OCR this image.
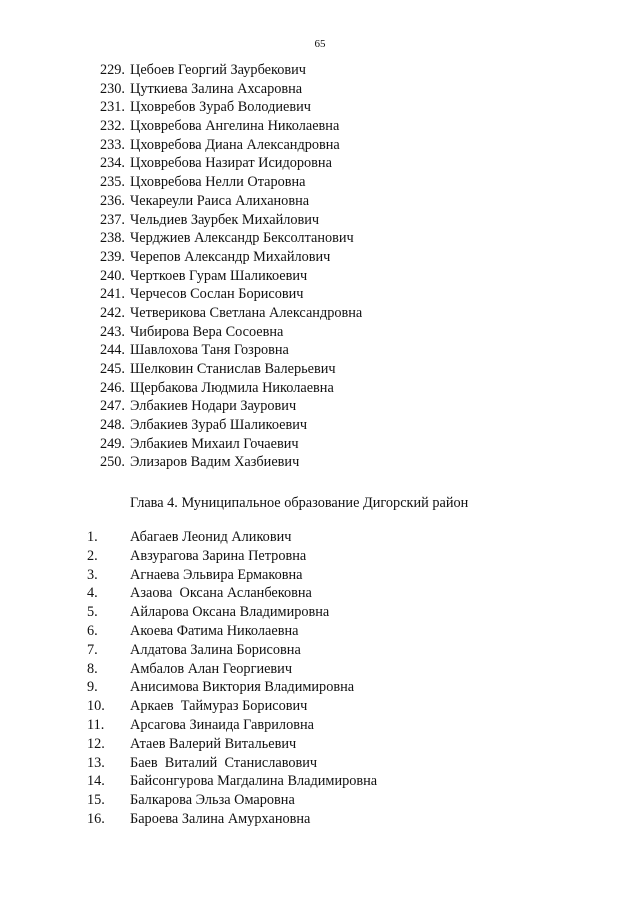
65
229. Цебоев Георгий Заурбекович
230. Цуткиева Залина Ахсаровна
231. Цховребов Зураб Володиевич
232. Цховребова Ангелина Николаевна
233. Цховребова Диана Александровна
234. Цховребова Назират Исидоровна
235. Цховребова Нелли Отаровна
236. Чекареули Раиса Алихановна
237. Чельдиев Заурбек Михайлович
238. Черджиев Александр Бексолтанович
239. Черепов Александр Михайлович
240. Черткоев Гурам Шаликоевич
241. Черчесов Сослан Борисович
242. Четверикова Светлана Александровна
243. Чибирова Вера Сосоевна
244. Шавлохова Таня Гозровна
245. Шелковин Станислав Валерьевич
246. Щербакова Людмила Николаевна
247. Элбакиев Нодари Заурович
248. Элбакиев Зураб Шаликоевич
249. Элбакиев Михаил Гочаевич
250. Элизаров Вадим Хазбиевич
Глава 4. Муниципальное образование Дигорский район
1. Абагаев Леонид Аликович
2. Авзурагова Зарина Петровна
3. Агнаева Эльвира Ермаковна
4. Азаова  Оксана Асланбековна
5. Айларова Оксана Владимировна
6. Акоева Фатима Николаевна
7. Алдатова Залина Борисовна
8. Амбалов Алан Георгиевич
9. Анисимова Виктория Владимировна
10. Аркаев  Таймураз Борисович
11. Арсагова Зинаида Гавриловна
12. Атаев Валерий Витальевич
13. Баев  Виталий  Станиславович
14. Байсонгурова Магдалина Владимировна
15. Балкарова Эльза Омаровна
16. Бароева Залина Амурхановна
